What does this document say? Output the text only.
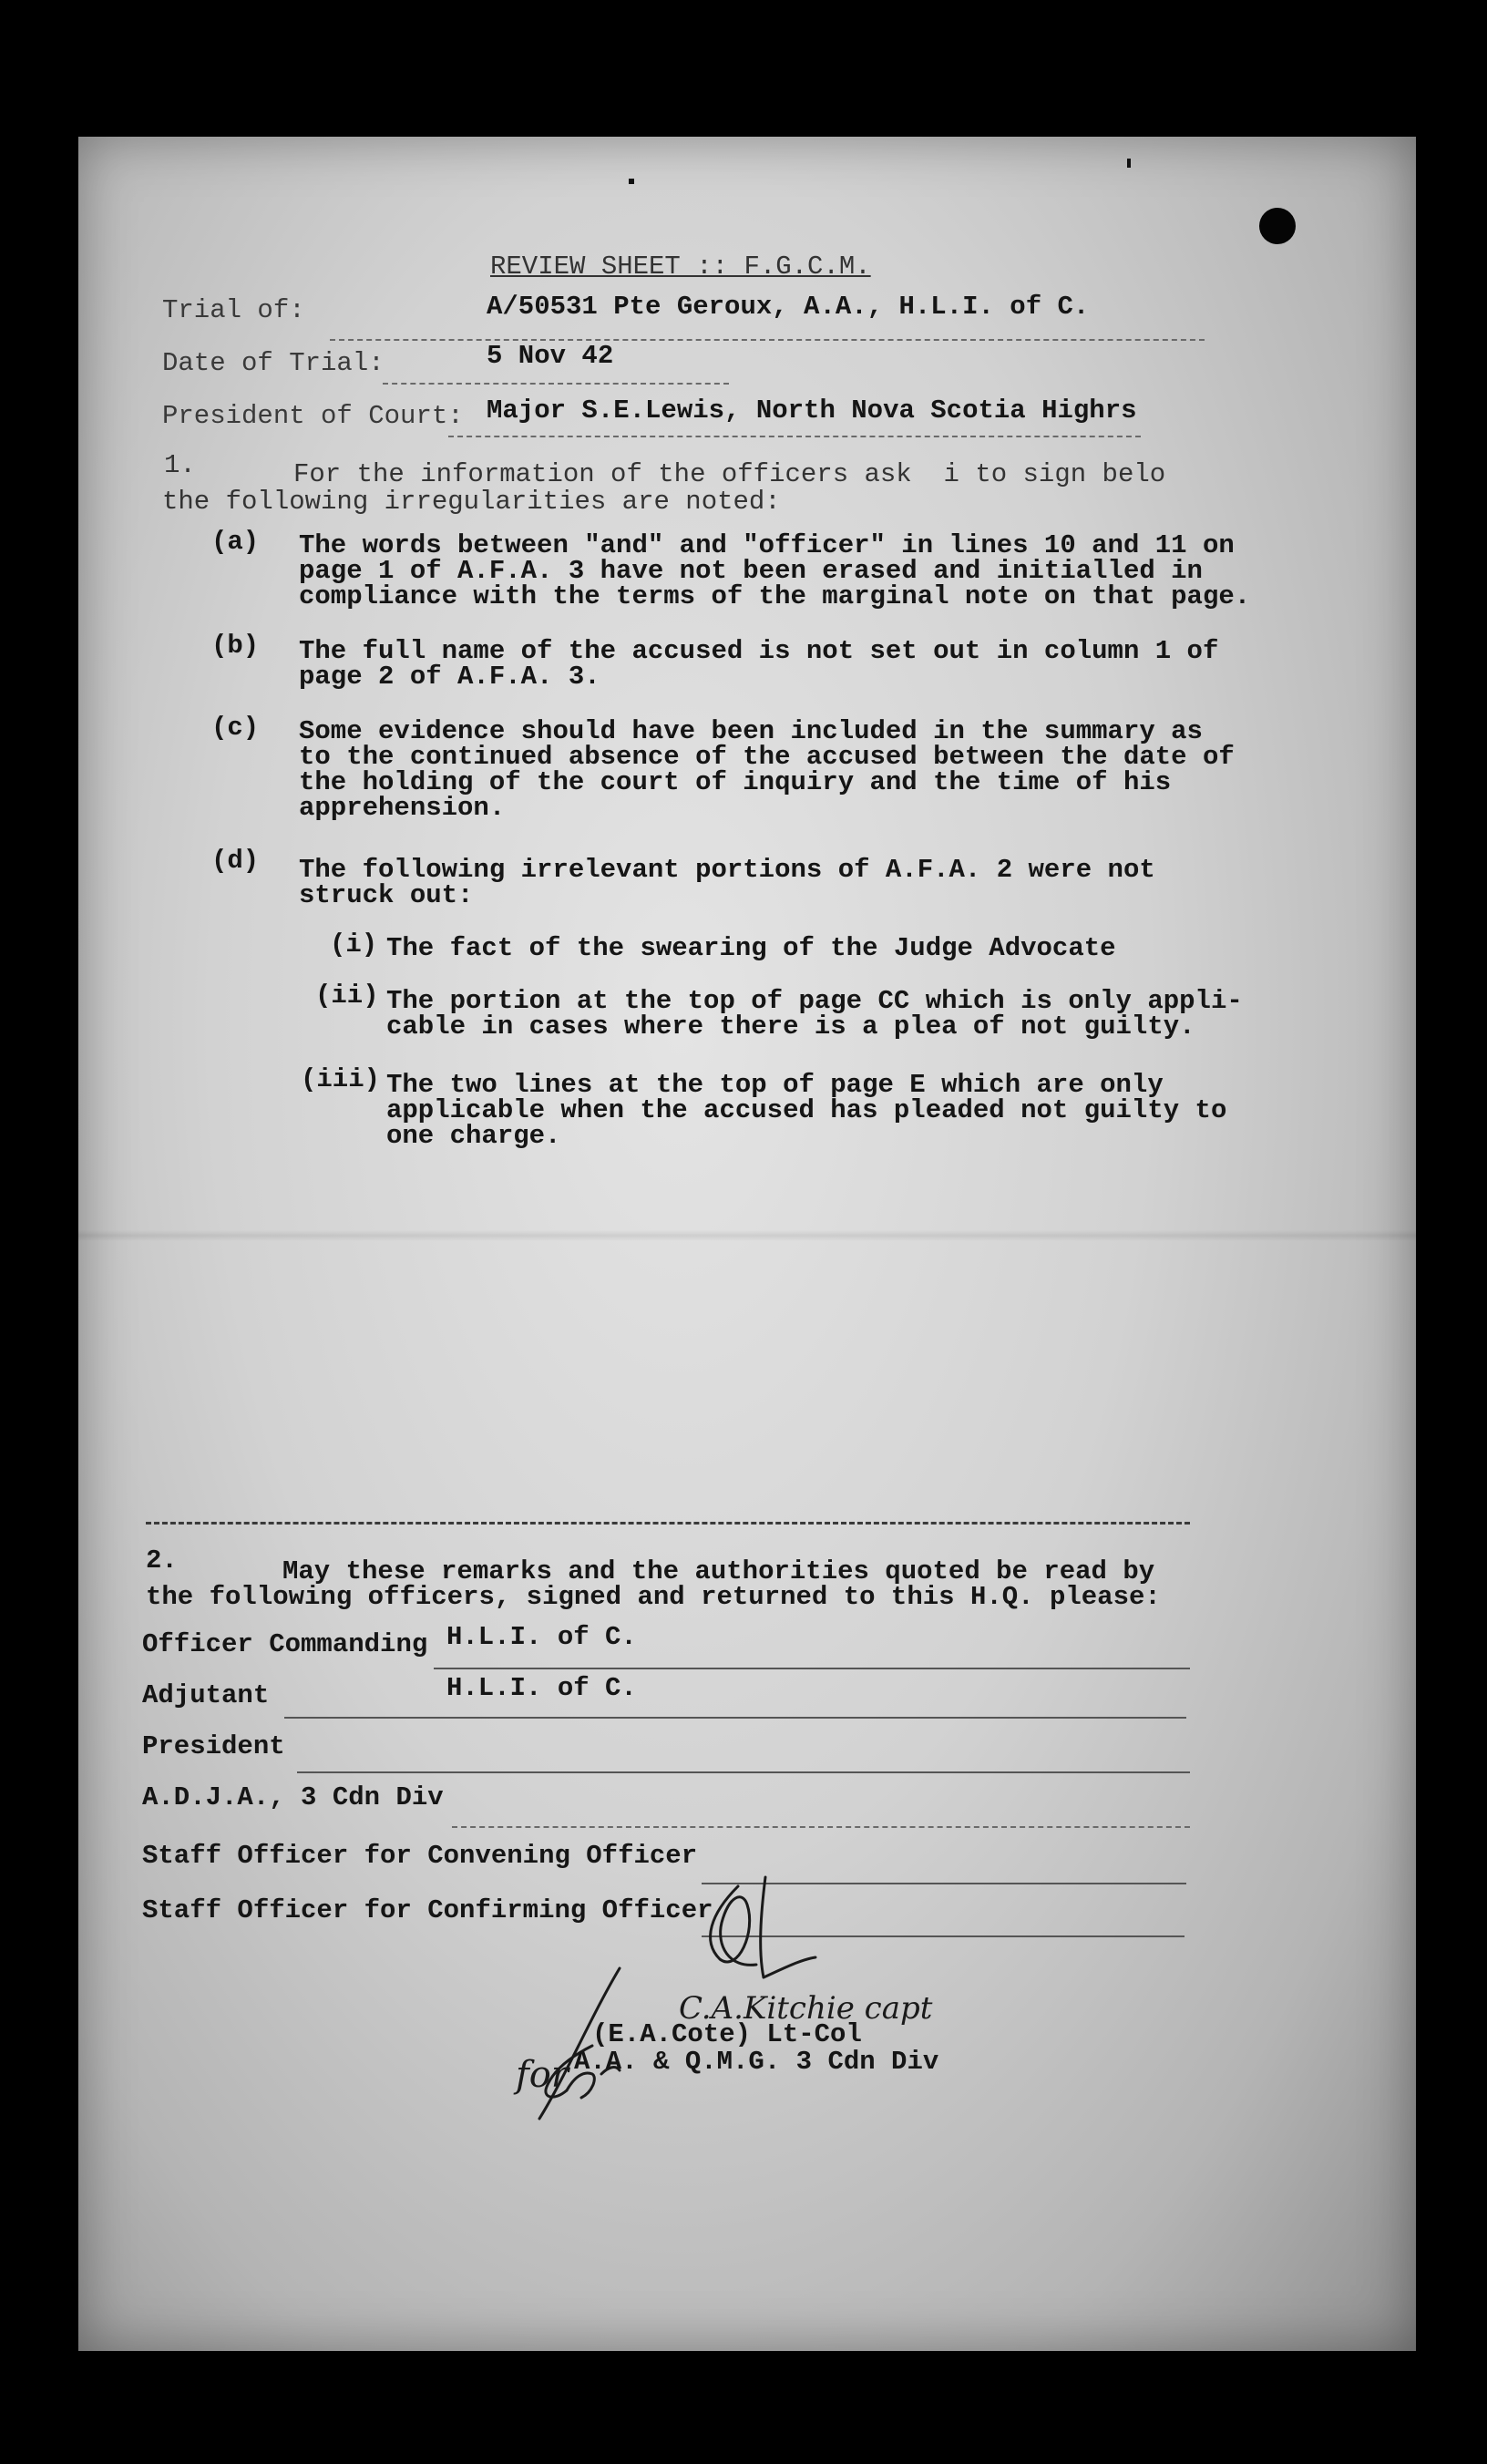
REVIEW SHEET :: F.G.C.M.
Trial of:	A/50531 Pte Geroux, A.A., H.L.I. of C.
Date of Trial:	5 Nov 42
President of Court: Major S.E.Lewis, North Nova Scotia Highrs
1.	For the information of the officers ask  i to sign belo
the following irregularities are noted:
(a) The words between "and" and "officer" in lines 10 and 11 on
page 1 of A.F.A. 3 have not been erased and initialled in
compliance with the terms of the marginal note on that page.
(b) The full name of the accused is not set out in column 1 of
page 2 of A.F.A. 3.
(c) Some evidence should have been included in the summary as
to the continued absence of the accused between the date of
the holding of the court of inquiry and the time of his
apprehension.
(d) The following irrelevant portions of A.F.A. 2 were not
struck out:
(i) The fact of the swearing of the Judge Advocate
(ii) The portion at the top of page CC which is only appli-
cable in cases where there is a plea of not guilty.
(iii) The two lines at the top of page E which are only
applicable when the accused has pleaded not guilty to
one charge.
2.	May these remarks and the authorities quoted be read by
the following officers, signed and returned to this H.Q. please:
Officer Commanding H.L.I. of C.
Adjutant	H.L.I. of C.
President
A.D.J.A., 3 Cdn Div
Staff Officer for Convening Officer
Staff Officer for Confirming Officer
C.A.Kitchie capt
for
(E.A.Cote) Lt-Col
A.A. & Q.M.G. 3 Cdn Div
